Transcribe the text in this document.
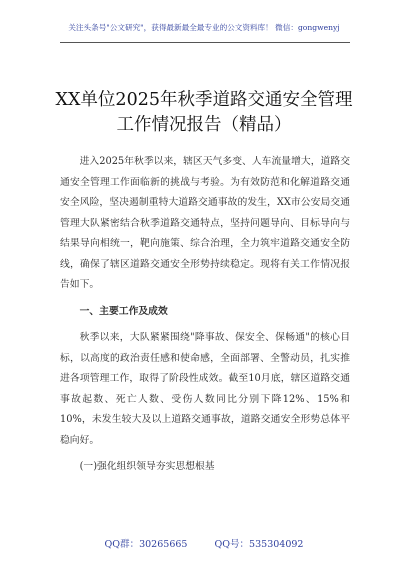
关注头条号"公文研究"，获得最新最全最专业的公文资料库！ 微信：gongwenyj
XX单位2025年秋季道路交通安全管理
工作情况报告（精品）

进入2025年秋季以来，辖区天气多变、人车流量增大，道路交通安全管理工作面临新的挑战与考验。为有效防范和化解道路交通安全风险，坚决遏制重特大道路交通事故的发生，XX市公安局交通管理大队紧密结合秋季道路交通特点，坚持问题导向、目标导向与结果导向相统一，靶向施策、综合治理，全力筑牢道路交通安全防线，确保了辖区道路交通安全形势持续稳定。现将有关工作情况报告如下。

一、主要工作及成效

秋季以来，大队紧紧围绕"降事故、保安全、保畅通"的核心目标，以高度的政治责任感和使命感，全面部署、全警动员，扎实推进各项管理工作，取得了阶段性成效。截至10月底，辖区道路交通事故起数、死亡人数、受伤人数同比分别下降12%、15%和10%，未发生较大及以上道路交通事故，道路交通安全形势总体平稳向好。

(一)强化组织领导夯实思想根基

QQ群：30265665	QQ号：535304092
